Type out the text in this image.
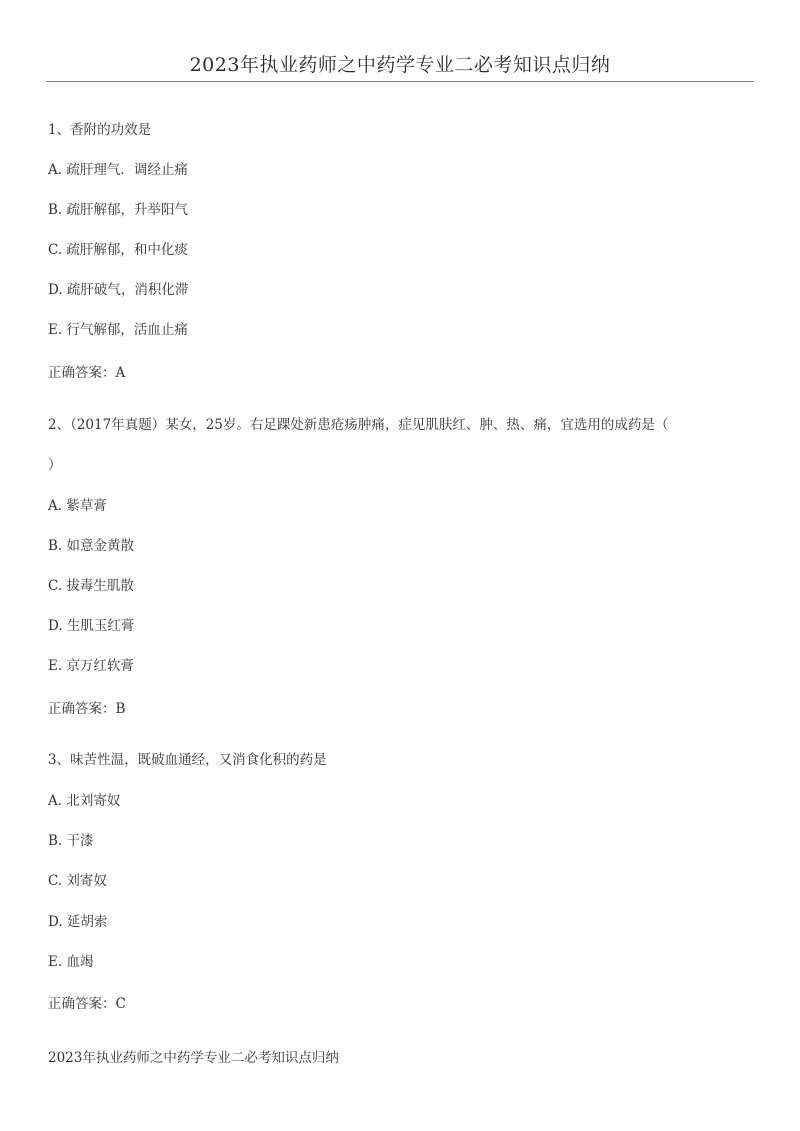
2023年执业药师之中药学专业二必考知识点归纳
1、香附的功效是
A. 疏肝理气．调经止痛
B. 疏肝解郁，升举阳气
C. 疏肝解郁，和中化痰
D. 疏肝破气，消积化滞
E. 行气解郁，活血止痛
正确答案：A
2、（2017年真题）某女，25岁。右足踝处新患疮疡肿痛，症见肌肤红、肿、热、痛，宜选用的成药是（
）
A. 紫草膏
B. 如意金黄散
C. 拔毒生肌散
D. 生肌玉红膏
E. 京万红软膏
正确答案：B
3、味苦性温，既破血通经，又消食化积的药是
A. 北刘寄奴
B. 干漆
C. 刘寄奴
D. 延胡索
E. 血竭
正确答案：C
2023年执业药师之中药学专业二必考知识点归纳
